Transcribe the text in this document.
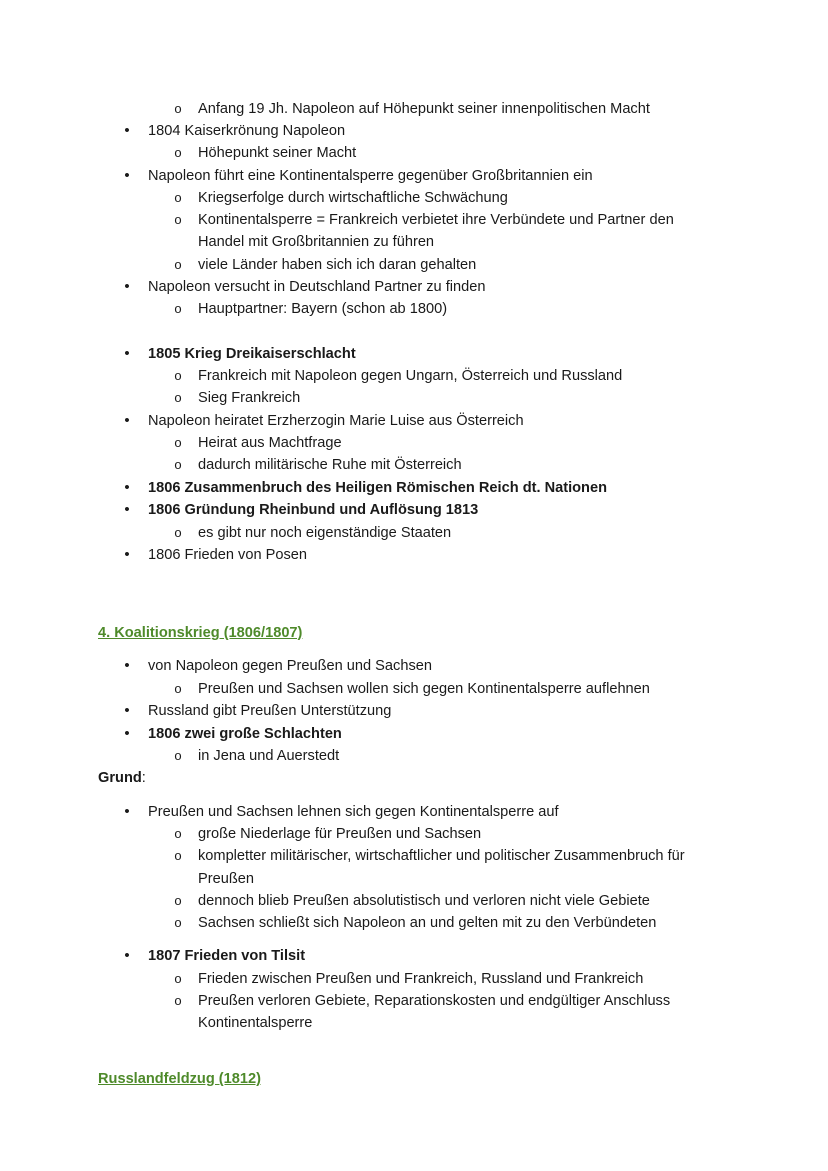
o Anfang 19 Jh. Napoleon auf Höhepunkt seiner innenpolitischen Macht
• 1804 Kaiserkrönung Napoleon
o Höhepunkt seiner Macht
• Napoleon führt eine Kontinentalsperre gegenüber Großbritannien ein
o Kriegserfolge durch wirtschaftliche Schwächung
o Kontinentalsperre = Frankreich verbietet ihre Verbündete und Partner den
Handel mit Großbritannien zu führen
o viele Länder haben sich ich daran gehalten
• Napoleon versucht in Deutschland Partner zu finden
o Hauptpartner: Bayern (schon ab 1800)
• 1805 Krieg Dreikaiserschlacht
o Frankreich mit Napoleon gegen Ungarn, Österreich und Russland
o Sieg Frankreich
• Napoleon heiratet Erzherzogin Marie Luise aus Österreich
o Heirat aus Machtfrage
o dadurch militärische Ruhe mit Österreich
• 1806 Zusammenbruch des Heiligen Römischen Reich dt. Nationen
• 1806 Gründung Rheinbund und Auflösung 1813
o es gibt nur noch eigenständige Staaten
• 1806 Frieden von Posen
4. Koalitionskrieg (1806/1807)
• von Napoleon gegen Preußen und Sachsen
o Preußen und Sachsen wollen sich gegen Kontinentalsperre auflehnen
• Russland gibt Preußen Unterstützung
• 1806 zwei große Schlachten
o in Jena und Auerstedt
Grund:
• Preußen und Sachsen lehnen sich gegen Kontinentalsperre auf
o große Niederlage für Preußen und Sachsen
o kompletter militärischer, wirtschaftlicher und politischer Zusammenbruch für
Preußen
o dennoch blieb Preußen absolutistisch und verloren nicht viele Gebiete
o Sachsen schließt sich Napoleon an und gelten mit zu den Verbündeten
• 1807 Frieden von Tilsit
o Frieden zwischen Preußen und Frankreich, Russland und Frankreich
o Preußen verloren Gebiete, Reparationskosten und endgültiger Anschluss
Kontinentalsperre
Russlandfeldzug (1812)
